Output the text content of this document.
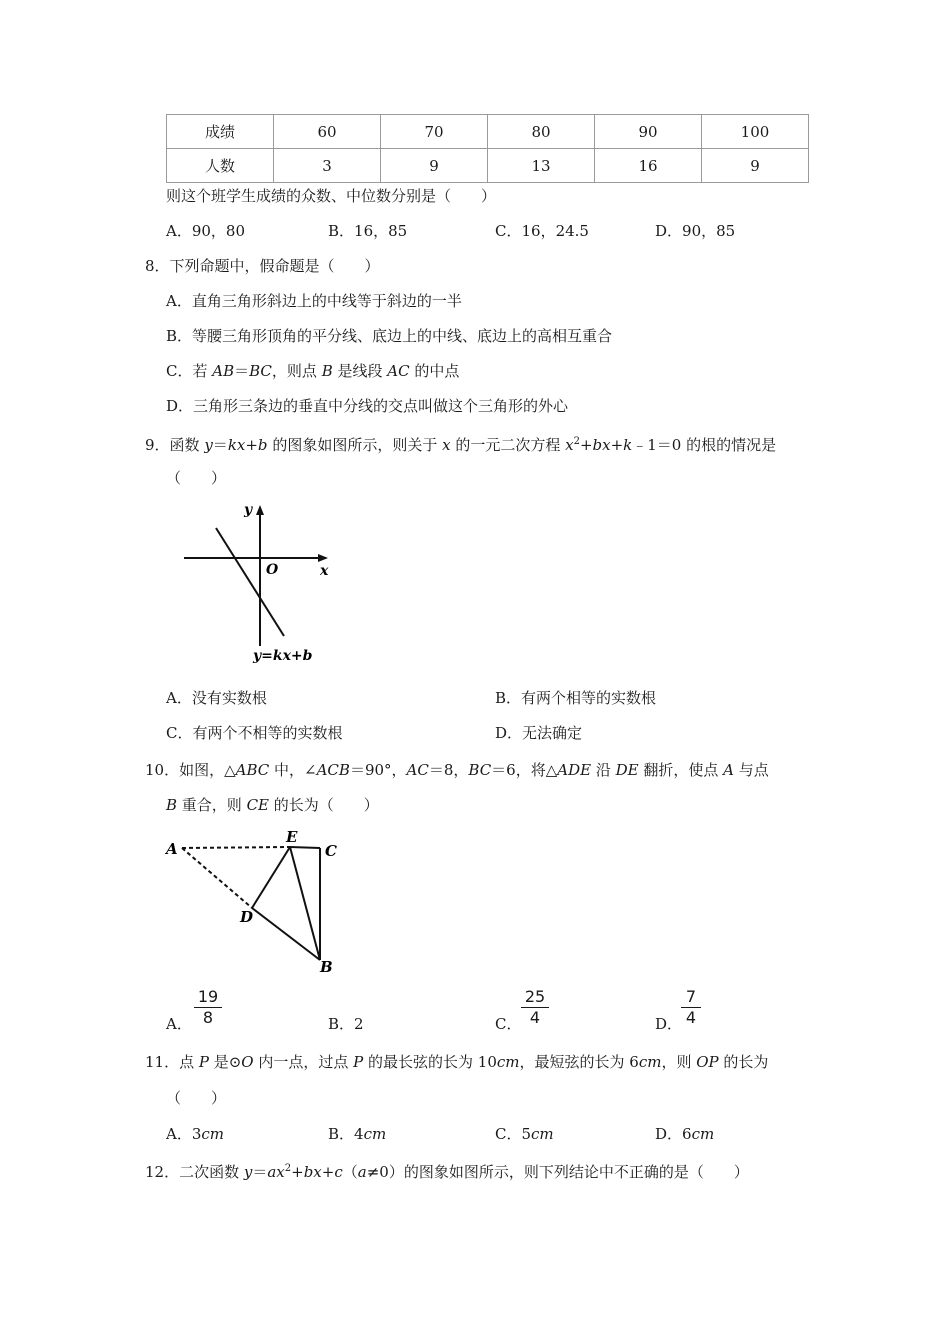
成绩	60	70	80	90	100
人数	3	9	13	16	9
则这个班学生成绩的众数、中位数分别是（　　）
A．90，80	B．16，85	C．16，24.5	D．90，85
8．下列命题中，假命题是（　　）
A．直角三角形斜边上的中线等于斜边的一半
B．等腰三角形顶角的平分线、底边上的中线、底边上的高相互重合
C．若 AB＝BC，则点 B 是线段 AC 的中点
D．三角形三条边的垂直中分线的交点叫做这个三角形的外心
9．函数 y＝kx+b 的图象如图所示，则关于 x 的一元二次方程 $x^2+bx+k﹣1=0$ 的根的情况是
（　　）
y
x
O
y=kx+b
A．没有实数根	B．有两个相等的实数根
C．有两个不相等的实数根	D．无法确定
10．如图，△ABC 中，∠ACB＝90°，AC＝8，BC＝6，将△ADE 沿 DE 翻折，使点 A 与点
B 重合，则 CE 的长为（　　）
A
E
C
D
B
A．
19
8	B．2	C．
25
4	D．
7
4
11．点 P 是⊙O 内一点，过点 P 的最长弦的长为 10cm，最短弦的长为 6cm，则 OP 的长为
（　　）
A．3cm	B．4cm	C．5cm	D．6cm
12．二次函数 $y=ax^2+bx+c(a\ne 0)$的图象如图所示，则下列结论中不正确的是（　　）
